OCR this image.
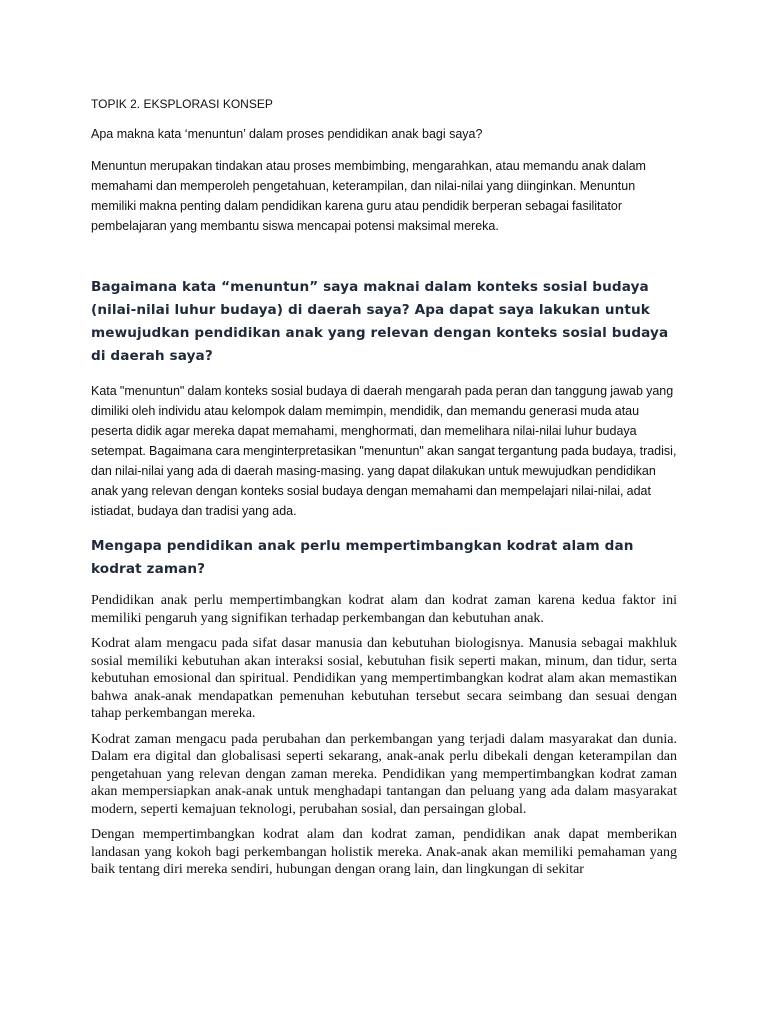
TOPIK 2. EKSPLORASI KONSEP

Apa makna kata ‘menuntun’ dalam proses pendidikan anak bagi saya?

Menuntun merupakan tindakan atau proses membimbing, mengarahkan, atau memandu anak dalam memahami dan memperoleh pengetahuan, keterampilan, dan nilai-nilai yang diinginkan. Menuntun memiliki makna penting dalam pendidikan karena guru atau pendidik berperan sebagai fasilitator pembelajaran yang membantu siswa mencapai potensi maksimal mereka.

Bagaimana kata “menuntun” saya maknai dalam konteks sosial budaya (nilai-nilai luhur budaya) di daerah saya? Apa dapat saya lakukan untuk mewujudkan pendidikan anak yang relevan dengan konteks sosial budaya di daerah saya?

Kata "menuntun" dalam konteks sosial budaya di daerah mengarah pada peran dan tanggung jawab yang dimiliki oleh individu atau kelompok dalam memimpin, mendidik, dan memandu generasi muda atau peserta didik agar mereka dapat memahami, menghormati, dan memelihara nilai-nilai luhur budaya setempat. Bagaimana cara menginterpretasikan "menuntun" akan sangat tergantung pada budaya, tradisi, dan nilai-nilai yang ada di daerah masing-masing. yang dapat dilakukan untuk mewujudkan pendidikan anak yang relevan dengan konteks sosial budaya dengan memahami dan mempelajari nilai-nilai, adat istiadat, budaya dan tradisi yang ada.

Mengapa pendidikan anak perlu mempertimbangkan kodrat alam dan kodrat zaman?

Pendidikan anak perlu mempertimbangkan kodrat alam dan kodrat zaman karena kedua faktor ini memiliki pengaruh yang signifikan terhadap perkembangan dan kebutuhan anak.

Kodrat alam mengacu pada sifat dasar manusia dan kebutuhan biologisnya. Manusia sebagai makhluk sosial memiliki kebutuhan akan interaksi sosial, kebutuhan fisik seperti makan, minum, dan tidur, serta kebutuhan emosional dan spiritual. Pendidikan yang mempertimbangkan kodrat alam akan memastikan bahwa anak-anak mendapatkan pemenuhan kebutuhan tersebut secara seimbang dan sesuai dengan tahap perkembangan mereka.

Kodrat zaman mengacu pada perubahan dan perkembangan yang terjadi dalam masyarakat dan dunia. Dalam era digital dan globalisasi seperti sekarang, anak-anak perlu dibekali dengan keterampilan dan pengetahuan yang relevan dengan zaman mereka. Pendidikan yang mempertimbangkan kodrat zaman akan mempersiapkan anak-anak untuk menghadapi tantangan dan peluang yang ada dalam masyarakat modern, seperti kemajuan teknologi, perubahan sosial, dan persaingan global.

Dengan mempertimbangkan kodrat alam dan kodrat zaman, pendidikan anak dapat memberikan landasan yang kokoh bagi perkembangan holistik mereka. Anak-anak akan memiliki pemahaman yang baik tentang diri mereka sendiri, hubungan dengan orang lain, dan lingkungan di sekitar
